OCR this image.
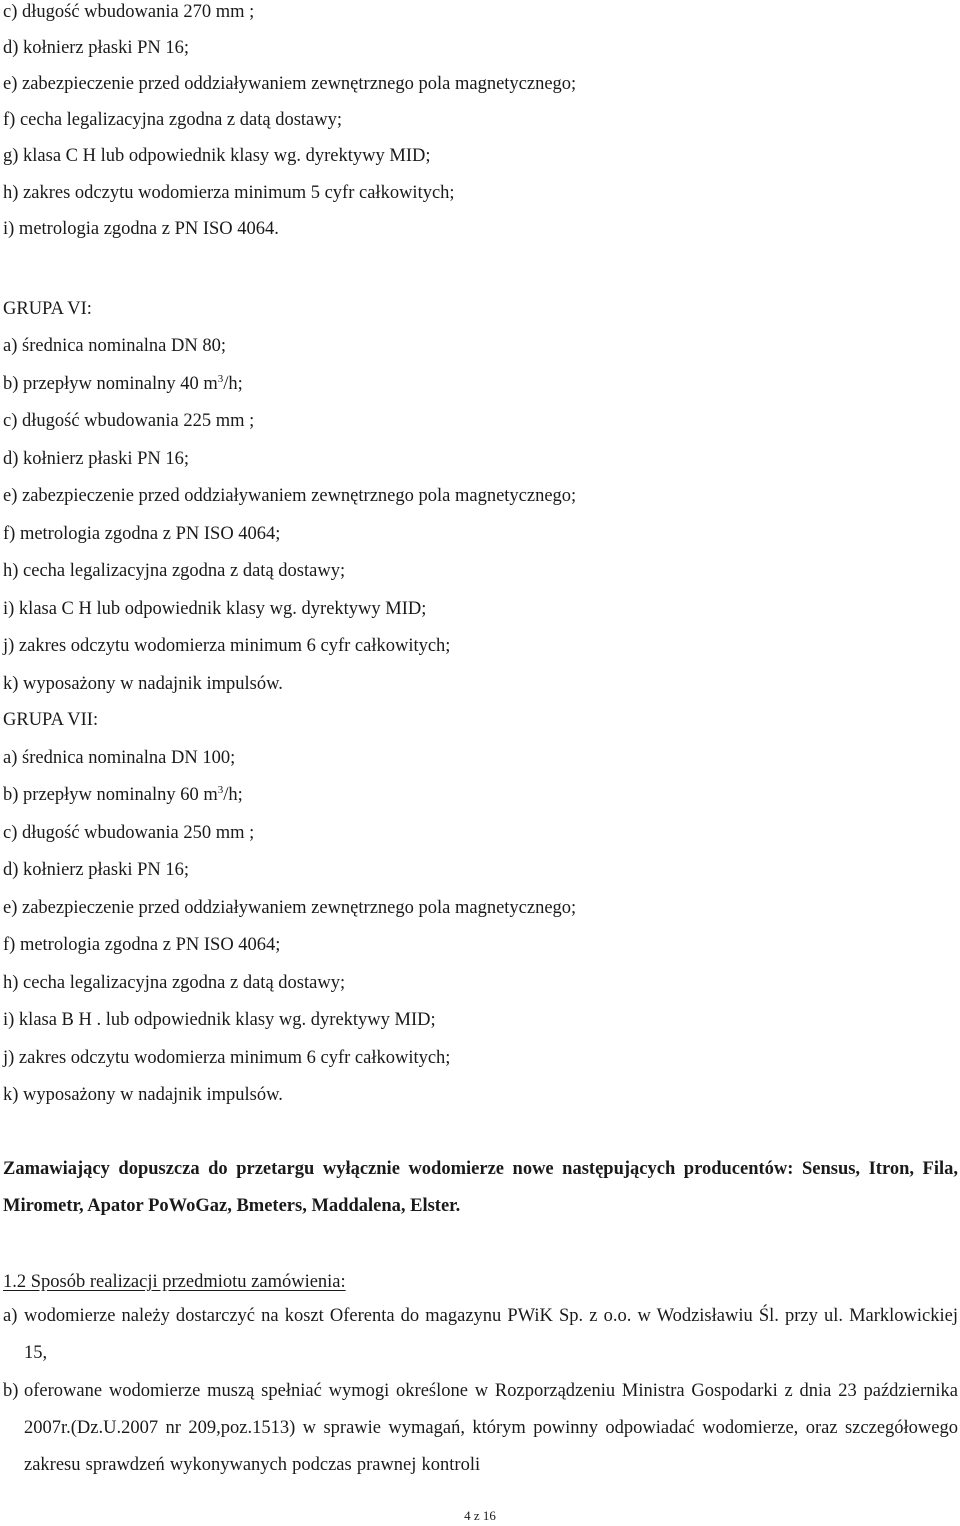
c) długość wbudowania 270 mm ;
d) kołnierz płaski PN 16;
e) zabezpieczenie przed oddziaływaniem zewnętrznego pola magnetycznego;
f) cecha legalizacyjna zgodna z datą dostawy;
g) klasa C H lub odpowiednik klasy wg. dyrektywy MID;
h) zakres odczytu wodomierza minimum 5 cyfr całkowitych;
i) metrologia zgodna z PN ISO 4064.
GRUPA VI:
a) średnica nominalna DN 80;
b) przepływ nominalny 40 $m^3/h$;
c) długość wbudowania 225 mm ;
d) kołnierz płaski PN 16;
e) zabezpieczenie przed oddziaływaniem zewnętrznego pola magnetycznego;
f) metrologia zgodna z PN ISO 4064;
h) cecha legalizacyjna zgodna z datą dostawy;
i) klasa C H lub odpowiednik klasy wg. dyrektywy MID;
j) zakres odczytu wodomierza minimum 6 cyfr całkowitych;
k) wyposażony w nadajnik impulsów.
GRUPA VII:
a) średnica nominalna DN 100;
b) przepływ nominalny 60 $m^3/h$;
c) długość wbudowania 250 mm ;
d) kołnierz płaski PN 16;
e) zabezpieczenie przed oddziaływaniem zewnętrznego pola magnetycznego;
f) metrologia zgodna z PN ISO 4064;
h) cecha legalizacyjna zgodna z datą dostawy;
i) klasa B H . lub odpowiednik klasy wg. dyrektywy MID;
j) zakres odczytu wodomierza minimum 6 cyfr całkowitych;
k) wyposażony w nadajnik impulsów.
Zamawiający dopuszcza do przetargu wyłącznie wodomierze nowe następujących producentów: Sensus, Itron, Fila, Mirometr, Apator PoWoGaz, Bmeters, Maddalena, Elster.
1.2 Sposób realizacji przedmiotu zamówienia:
a) wodomierze należy dostarczyć na koszt Oferenta do magazynu PWiK Sp. z o.o. w Wodzisławiu Śl. przy ul. Marklowickiej 15,
b) oferowane wodomierze muszą spełniać wymogi określone w Rozporządzeniu Ministra Gospodarki z dnia 23 października 2007r.(Dz.U.2007 nr 209,poz.1513) w sprawie wymagań, którym powinny odpowiadać wodomierze, oraz szczegółowego zakresu sprawdzeń wykonywanych podczas prawnej kontroli
4 z 16
